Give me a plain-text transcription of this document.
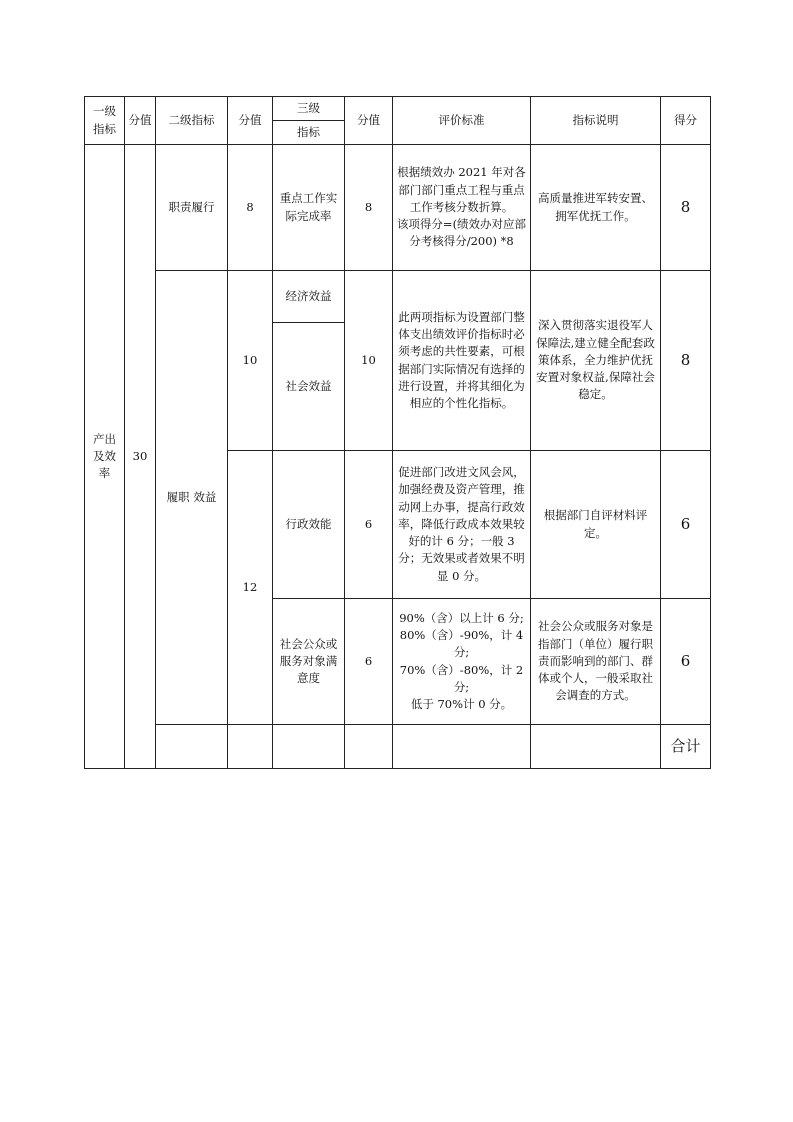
一级指标	分值	二级指标	分值	三级	分值	评价标准	指标说明	得分	
				指标					
产出及效率	30	职责履行	8	重点工作实际完成率	8	根据绩效办 2021 年对各部门部门重点工程与重点工作考核分数折算。
该项得分=(绩效办对应部分考核得分/200) *8	高质量推进军转安置、拥军优抚工作。	8	
		履职 效益	10	经济效益	10	此两项指标为设置部门整体支出绩效评价指标时必须考虑的共性要素，可根据部门实际情况有选择的进行设置，并将其细化为相应的个性化指标。	深入贯彻落实退役军人保障法,建立健全配套政策体系，全力维护优抚安置对象权益,保障社会稳定。	8	
				社会效益					
			12	行政效能	6	促进部门改进文风会风，加强经费及资产管理，推动网上办事，提高行政效率，降低行政成本效果较好的计 6 分；一般 3 分；无效果或者效果不明显 0 分。	根据部门自评材料评定。	6	
				社会公众或服务对象满意度	6	90%（含）以上计 6 分;
80%（含）-90%，计 4 分;
70%（含）-80%，计 2 分;
低于 70%计 0 分。	社会公众或服务对象是指部门（单位）履行职责而影响到的部门、群体或个人，一般采取社会调查的方式。	6	
								合计		
